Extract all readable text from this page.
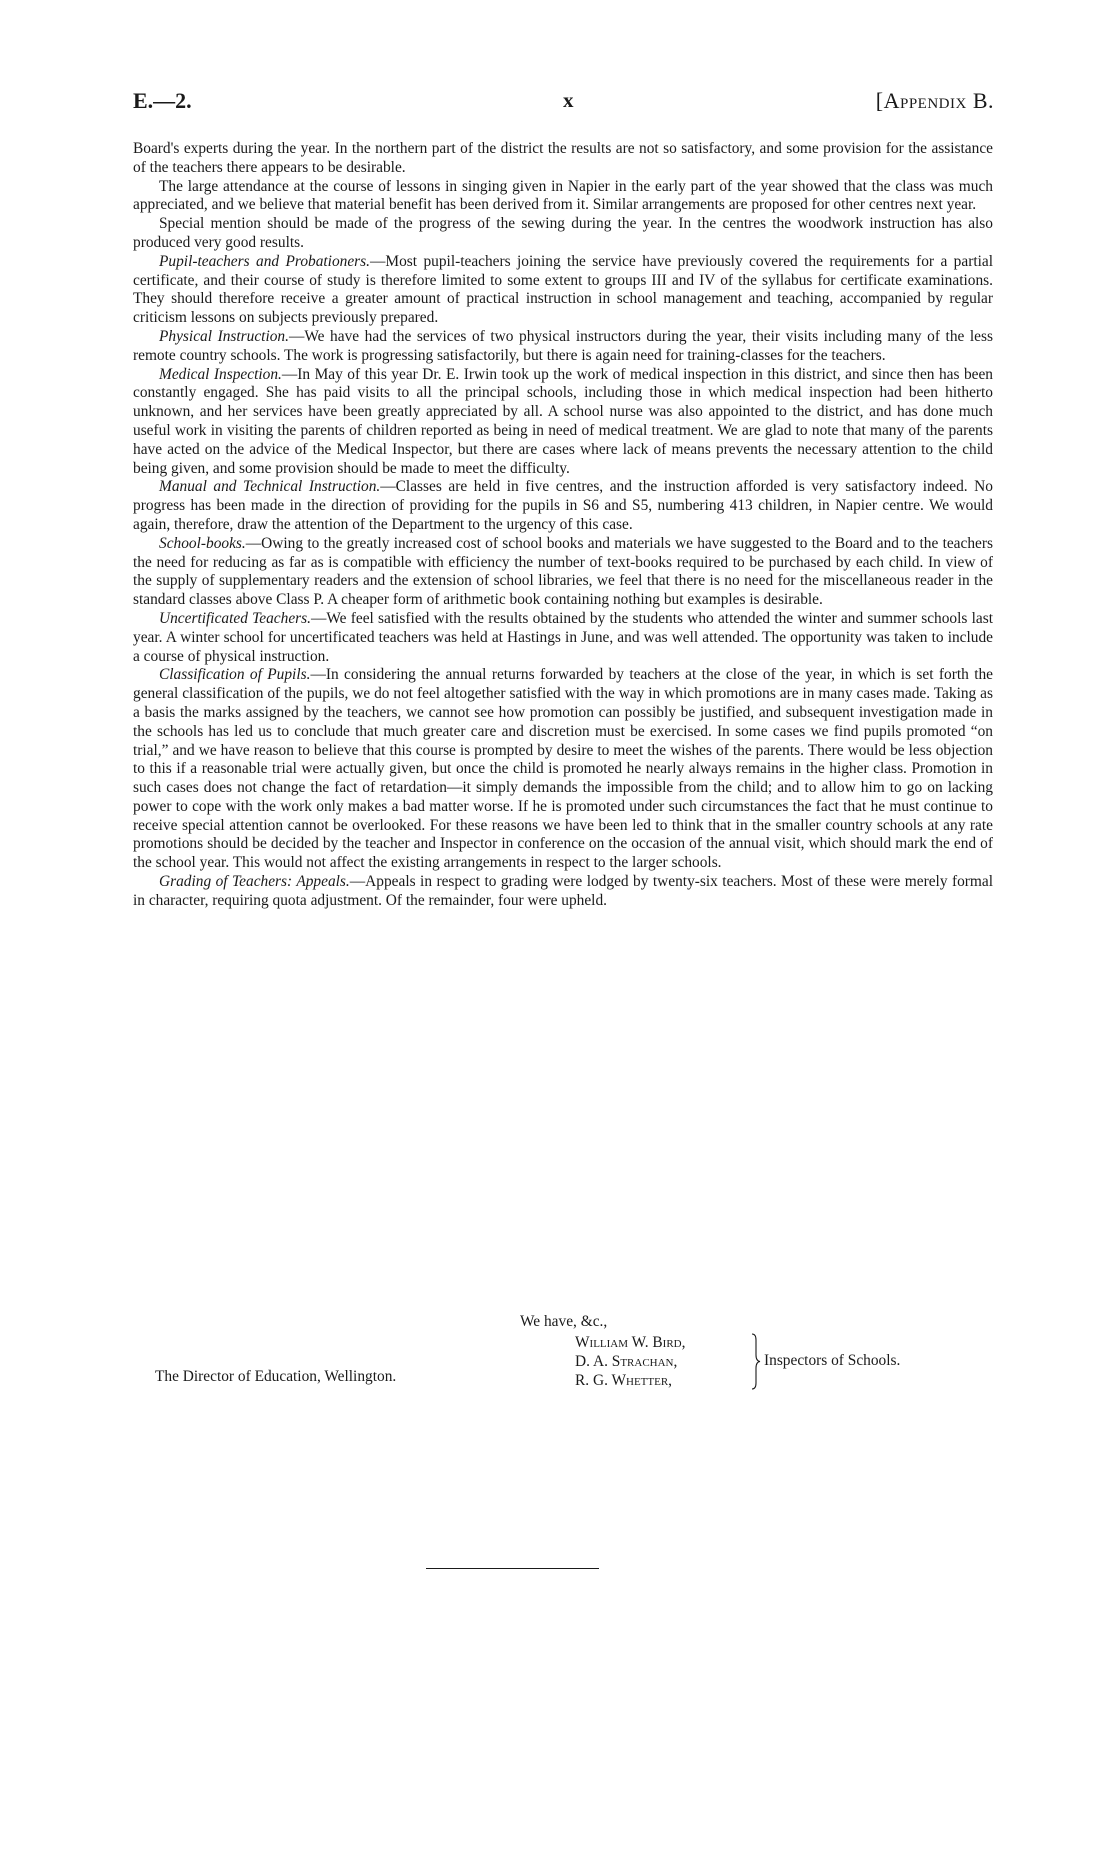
E.—2.	x	[Appendix B.

Board's experts during the year. In the northern part of the district the results are not so satisfactory, and some provision for the assistance of the teachers there appears to be desirable.

The large attendance at the course of lessons in singing given in Napier in the early part of the year showed that the class was much appreciated, and we believe that material benefit has been derived from it. Similar arrangements are proposed for other centres next year.

Special mention should be made of the progress of the sewing during the year. In the centres the woodwork instruction has also produced very good results.

Pupil-teachers and Probationers.—Most pupil-teachers joining the service have previously covered the requirements for a partial certificate, and their course of study is therefore limited to some extent to groups III and IV of the syllabus for certificate examinations. They should therefore receive a greater amount of practical instruction in school management and teaching, accompanied by regular criticism lessons on subjects previously prepared.

Physical Instruction.—We have had the services of two physical instructors during the year, their visits including many of the less remote country schools. The work is progressing satisfactorily, but there is again need for training-classes for the teachers.

Medical Inspection.—In May of this year Dr. E. Irwin took up the work of medical inspection in this district, and since then has been constantly engaged. She has paid visits to all the principal schools, including those in which medical inspection had been hitherto unknown, and her services have been greatly appreciated by all. A school nurse was also appointed to the district, and has done much useful work in visiting the parents of children reported as being in need of medical treatment. We are glad to note that many of the parents have acted on the advice of the Medical Inspector, but there are cases where lack of means prevents the necessary attention to the child being given, and some provision should be made to meet the difficulty.

Manual and Technical Instruction.—Classes are held in five centres, and the instruction afforded is very satisfactory indeed. No progress has been made in the direction of providing for the pupils in S6 and S5, numbering 413 children, in Napier centre. We would again, therefore, draw the attention of the Department to the urgency of this case.

School-books.—Owing to the greatly increased cost of school books and materials we have suggested to the Board and to the teachers the need for reducing as far as is compatible with efficiency the number of text-books required to be purchased by each child. In view of the supply of supplementary readers and the extension of school libraries, we feel that there is no need for the miscellaneous reader in the standard classes above Class P. A cheaper form of arithmetic book containing nothing but examples is desirable.

Uncertificated Teachers.—We feel satisfied with the results obtained by the students who attended the winter and summer schools last year. A winter school for uncertificated teachers was held at Hastings in June, and was well attended. The opportunity was taken to include a course of physical instruction.

Classification of Pupils.—In considering the annual returns forwarded by teachers at the close of the year, in which is set forth the general classification of the pupils, we do not feel altogether satisfied with the way in which promotions are in many cases made. Taking as a basis the marks assigned by the teachers, we cannot see how promotion can possibly be justified, and subsequent investigation made in the schools has led us to conclude that much greater care and discretion must be exercised. In some cases we find pupils promoted “on trial,” and we have reason to believe that this course is prompted by desire to meet the wishes of the parents. There would be less objection to this if a reasonable trial were actually given, but once the child is promoted he nearly always remains in the higher class. Promotion in such cases does not change the fact of retardation—it simply demands the impossible from the child; and to allow him to go on lacking power to cope with the work only makes a bad matter worse. If he is promoted under such circumstances the fact that he must continue to receive special attention cannot be overlooked. For these reasons we have been led to think that in the smaller country schools at any rate promotions should be decided by the teacher and Inspector in conference on the occasion of the annual visit, which should mark the end of the school year. This would not affect the existing arrangements in respect to the larger schools.

Grading of Teachers: Appeals.—Appeals in respect to grading were lodged by twenty-six teachers. Most of these were merely formal in character, requiring quota adjustment. Of the remainder, four were upheld.

We have, &c.,
William W. Bird,
D. A. Strachan,
R. G. Whetter,
Inspectors of Schools.
The Director of Education, Wellington.
